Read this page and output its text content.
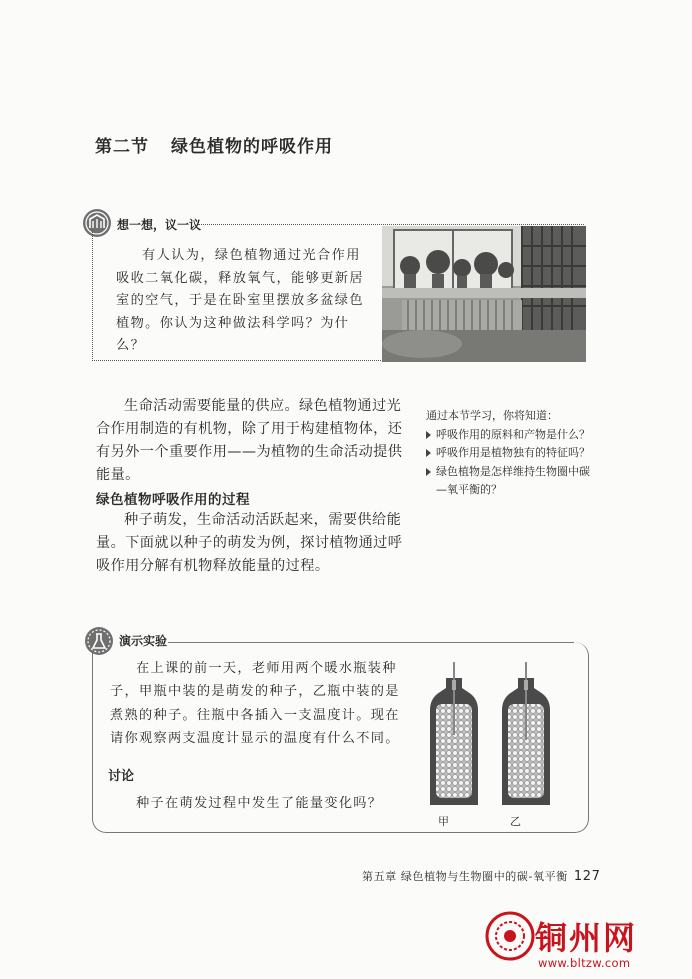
第二节 绿色植物的呼吸作用
想一想，议一议
有人认为，绿色植物通过光合作用吸收二氧化碳，释放氧气，能够更新居室的空气，于是在卧室里摆放多盆绿色植物。你认为这种做法科学吗？为什么？
生命活动需要能量的供应。绿色植物通过光合作用制造的有机物，除了用于构建植物体，还有另外一个重要作用——为植物的生命活动提供能量。
绿色植物呼吸作用的过程
种子萌发，生命活动活跃起来，需要供给能量。下面就以种子的萌发为例，探讨植物通过呼吸作用分解有机物释放能量的过程。
通过本节学习，你将知道：
呼吸作用的原料和产物是什么？
呼吸作用是植物独有的特征吗？
绿色植物是怎样维持生物圈中碳—氧平衡的？
演示实验
在上课的前一天，老师用两个暖水瓶装种子，甲瓶中装的是萌发的种子，乙瓶中装的是煮熟的种子。往瓶中各插入一支温度计。现在请你观察两支温度计显示的温度有什么不同。
讨论
种子在萌发过程中发生了能量变化吗？
甲	乙
第五章 绿色植物与生物圈中的碳-氧平衡 127
铜州网
www.bltzw.com
